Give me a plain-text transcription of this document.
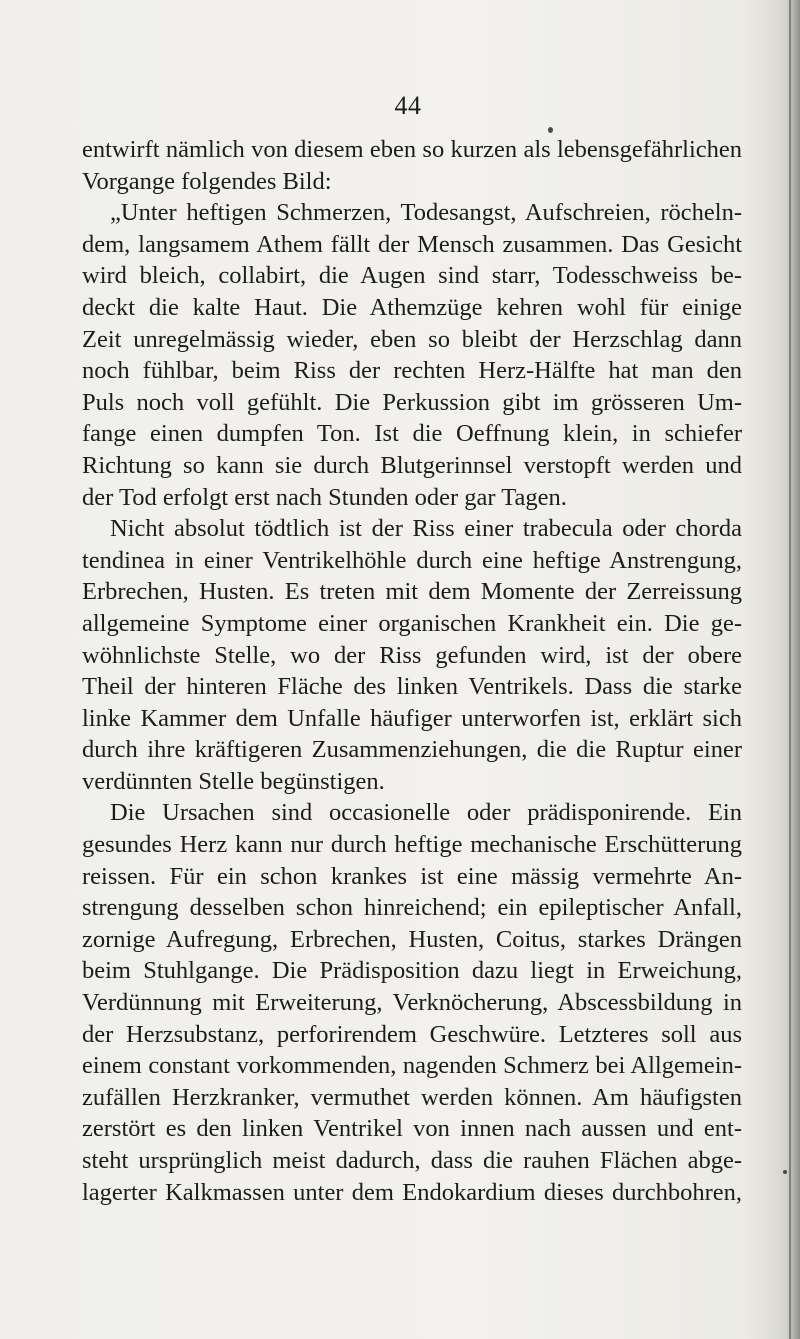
44
entwirft nämlich von diesem eben so kurzen als lebensgefährlichen
Vorgange folgendes Bild:
„Unter heftigen Schmerzen, Todesangst, Aufschreien, röcheln-
dem, langsamem Athem fällt der Mensch zusammen. Das Gesicht
wird bleich, collabirt, die Augen sind starr, Todesschweiss be-
deckt die kalte Haut. Die Athemzüge kehren wohl für einige
Zeit unregelmässig wieder, eben so bleibt der Herzschlag dann
noch fühlbar, beim Riss der rechten Herz-Hälfte hat man den
Puls noch voll gefühlt. Die Perkussion gibt im grösseren Um-
fange einen dumpfen Ton. Ist die Oeffnung klein, in schiefer
Richtung so kann sie durch Blutgerinnsel verstopft werden und
der Tod erfolgt erst nach Stunden oder gar Tagen.
Nicht absolut tödtlich ist der Riss einer trabecula oder chorda
tendinea in einer Ventrikelhöhle durch eine heftige Anstrengung,
Erbrechen, Husten. Es treten mit dem Momente der Zerreissung
allgemeine Symptome einer organischen Krankheit ein. Die ge-
wöhnlichste Stelle, wo der Riss gefunden wird, ist der obere
Theil der hinteren Fläche des linken Ventrikels. Dass die starke
linke Kammer dem Unfalle häufiger unterworfen ist, erklärt sich
durch ihre kräftigeren Zusammenziehungen, die die Ruptur einer
verdünnten Stelle begünstigen.
Die Ursachen sind occasionelle oder prädisponirende. Ein
gesundes Herz kann nur durch heftige mechanische Erschütterung
reissen. Für ein schon krankes ist eine mässig vermehrte An-
strengung desselben schon hinreichend; ein epileptischer Anfall,
zornige Aufregung, Erbrechen, Husten, Coitus, starkes Drängen
beim Stuhlgange. Die Prädisposition dazu liegt in Erweichung,
Verdünnung mit Erweiterung, Verknöcherung, Abscessbildung in
der Herzsubstanz, perforirendem Geschwüre. Letzteres soll aus
einem constant vorkommenden, nagenden Schmerz bei Allgemein-
zufällen Herzkranker, vermuthet werden können. Am häufigsten
zerstört es den linken Ventrikel von innen nach aussen und ent-
steht ursprünglich meist dadurch, dass die rauhen Flächen abge-
lagerter Kalkmassen unter dem Endokardium dieses durchbohren,
